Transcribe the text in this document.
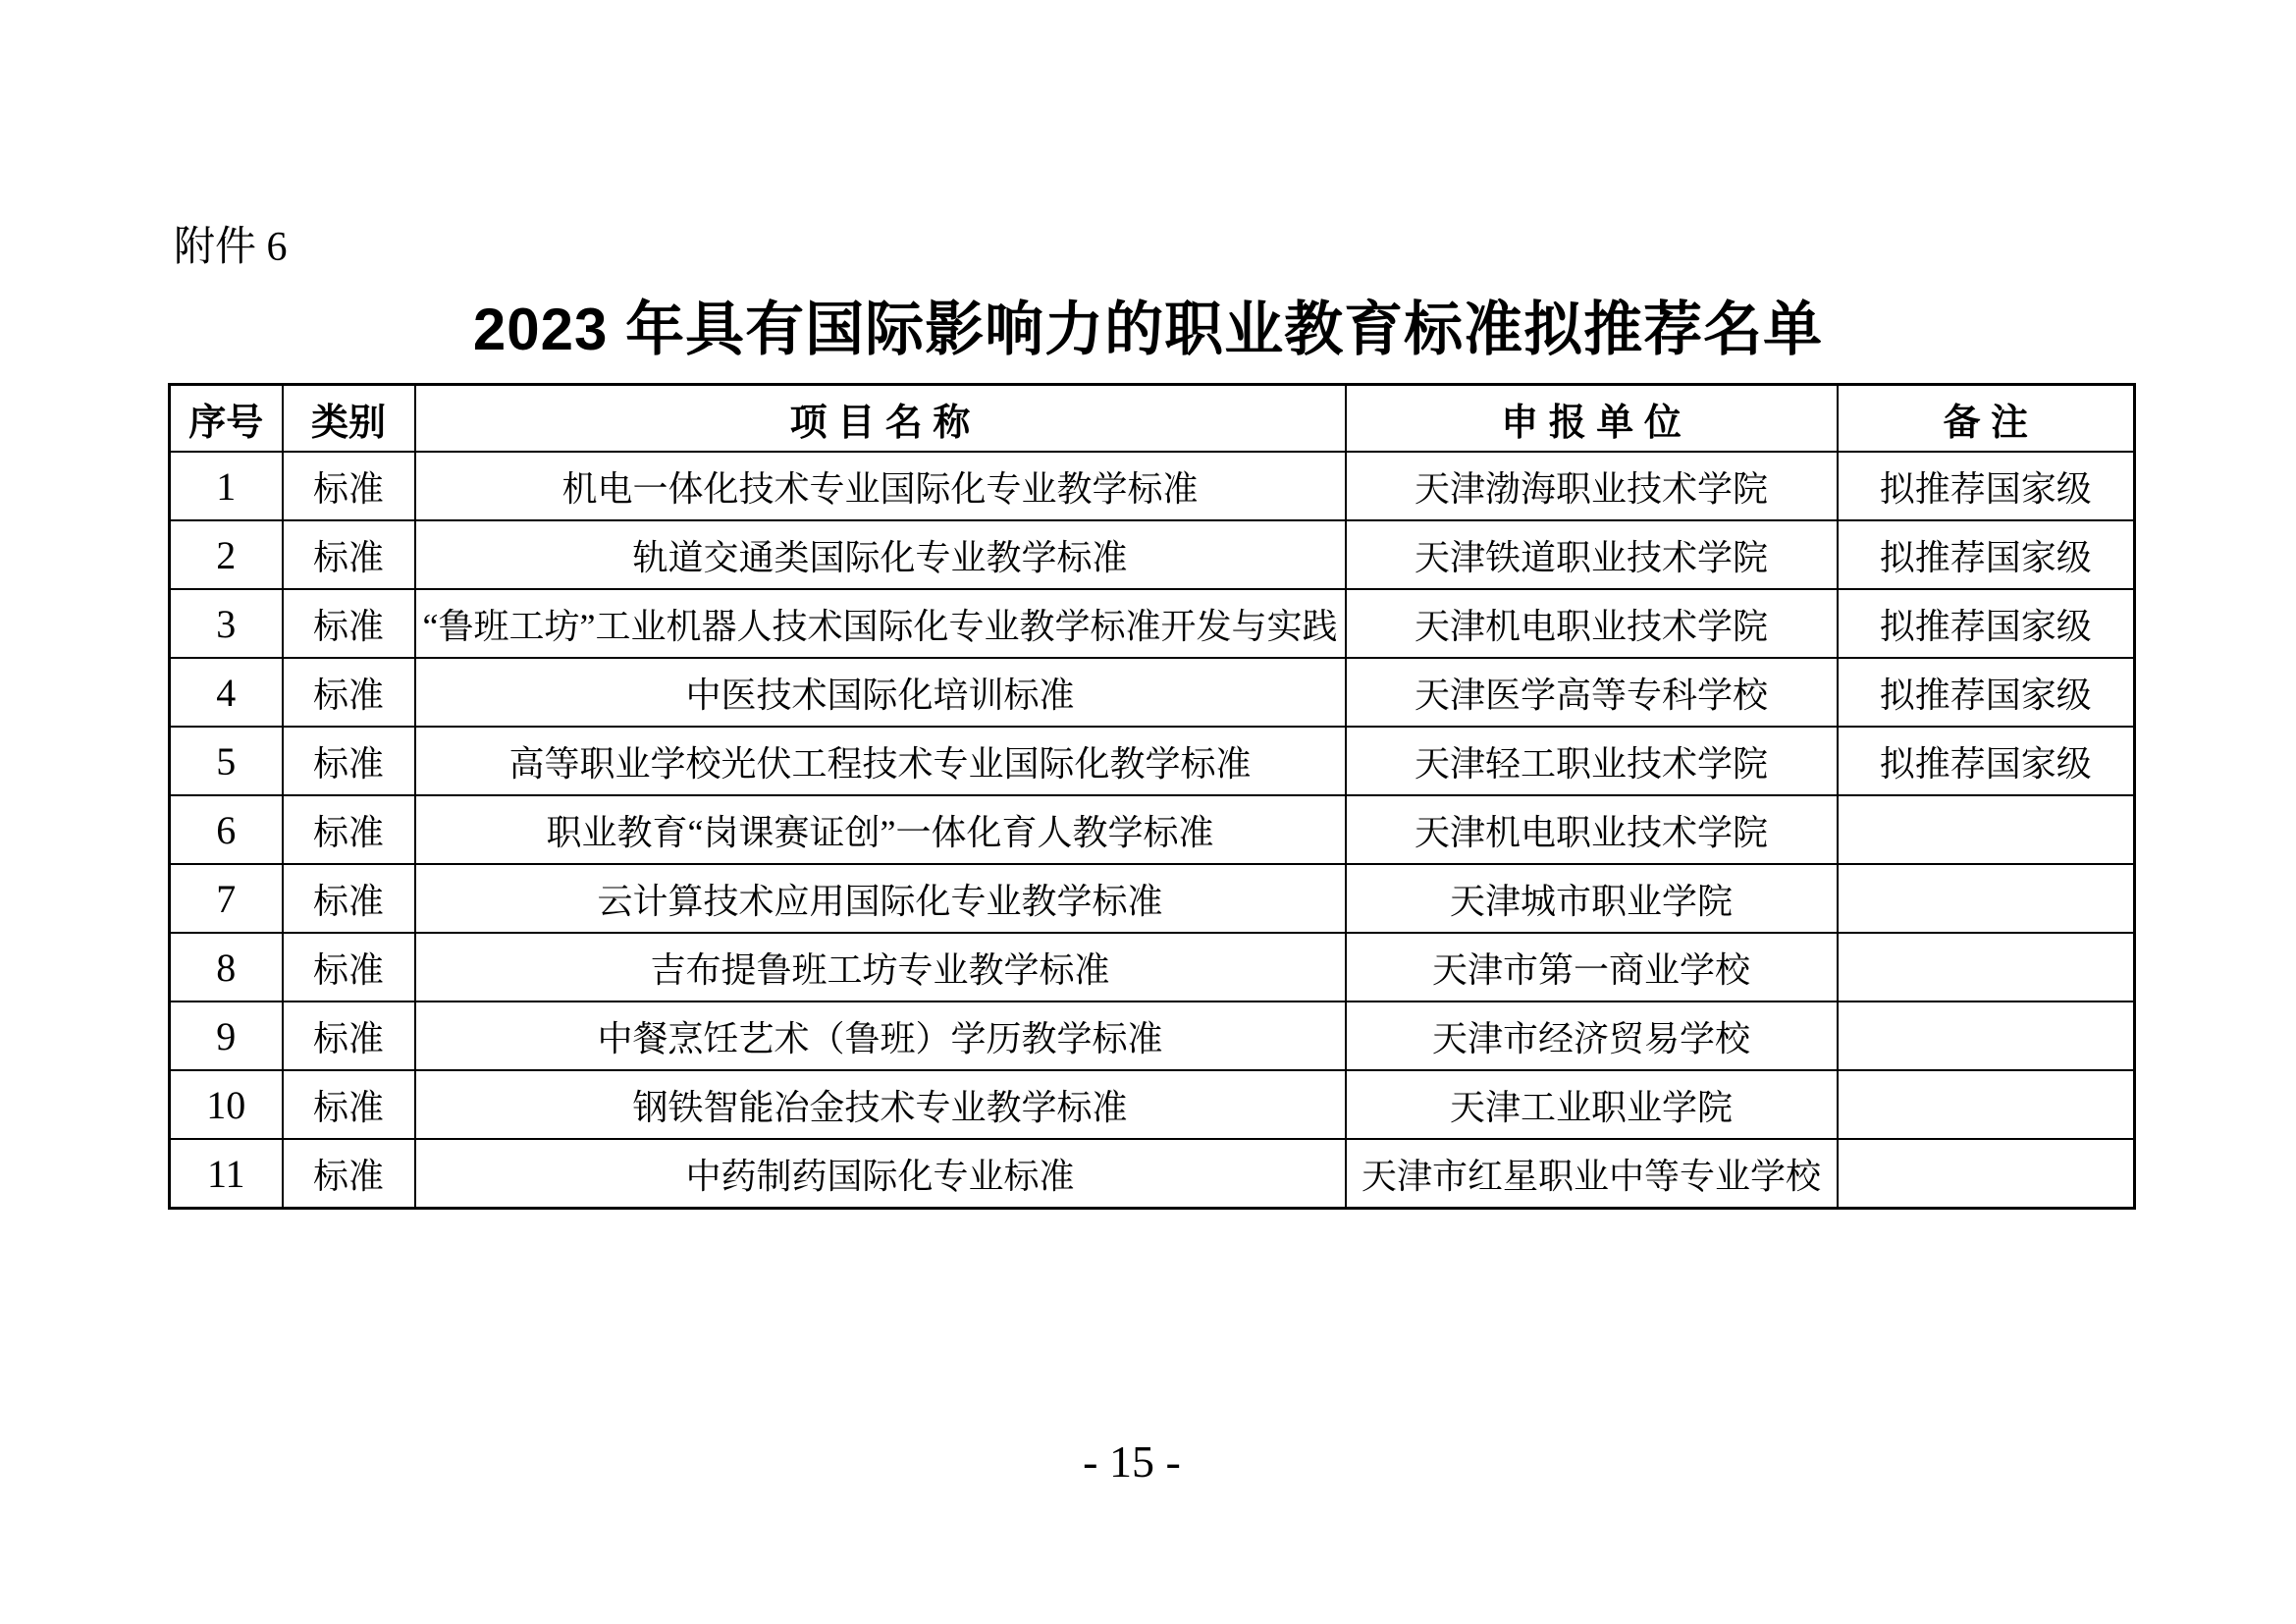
附件 6
2023 年具有国际影响力的职业教育标准拟推荐名单
序号	类别	项 目 名 称	申 报 单 位	备 注
1	标准	机电一体化技术专业国际化专业教学标准	天津渤海职业技术学院	拟推荐国家级
2	标准	轨道交通类国际化专业教学标准	天津铁道职业技术学院	拟推荐国家级
3	标准	“鲁班工坊”工业机器人技术国际化专业教学标准开发与实践	天津机电职业技术学院	拟推荐国家级
4	标准	中医技术国际化培训标准	天津医学高等专科学校	拟推荐国家级
5	标准	高等职业学校光伏工程技术专业国际化教学标准	天津轻工职业技术学院	拟推荐国家级
6	标准	职业教育“岗课赛证创”一体化育人教学标准	天津机电职业技术学院	
7	标准	云计算技术应用国际化专业教学标准	天津城市职业学院	
8	标准	吉布提鲁班工坊专业教学标准	天津市第一商业学校	
9	标准	中餐烹饪艺术（鲁班）学历教学标准	天津市经济贸易学校	
10	标准	钢铁智能冶金技术专业教学标准	天津工业职业学院	
11	标准	中药制药国际化专业标准	天津市红星职业中等专业学校	
- 15 -
